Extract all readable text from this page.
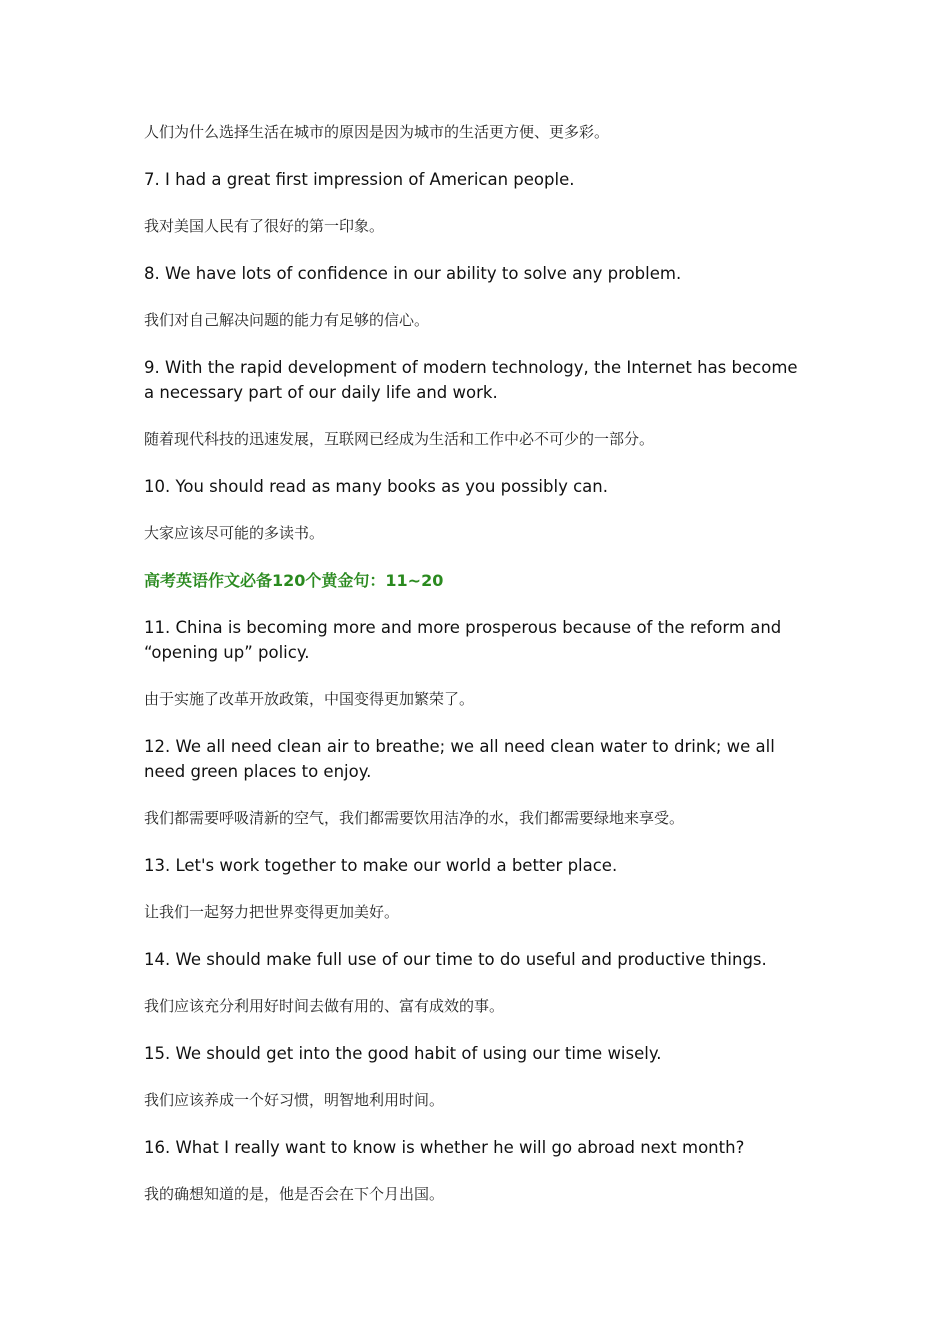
人们为什么选择生活在城市的原因是因为城市的生活更方便、更多彩。

7. I had a great first impression of American people.

我对美国人民有了很好的第一印象。

8. We have lots of confidence in our ability to solve any problem.

我们对自己解决问题的能力有足够的信心。

9. With the rapid development of modern technology, the Internet has become a necessary part of our daily life and work.

随着现代科技的迅速发展，互联网已经成为生活和工作中必不可少的一部分。

10. You should read as many books as you possibly can.

大家应该尽可能的多读书。

高考英语作文必备120个黄金句：11~20

11. China is becoming more and more prosperous because of the reform and “opening up” policy.

由于实施了改革开放政策，中国变得更加繁荣了。

12. We all need clean air to breathe; we all need clean water to drink; we all need green places to enjoy.

我们都需要呼吸清新的空气，我们都需要饮用洁净的水，我们都需要绿地来享受。

13. Let's work together to make our world a better place.

让我们一起努力把世界变得更加美好。

14. We should make full use of our time to do useful and productive things.

我们应该充分利用好时间去做有用的、富有成效的事。

15. We should get into the good habit of using our time wisely.

我们应该养成一个好习惯，明智地利用时间。

16. What I really want to know is whether he will go abroad next month?

我的确想知道的是，他是否会在下个月出国。
